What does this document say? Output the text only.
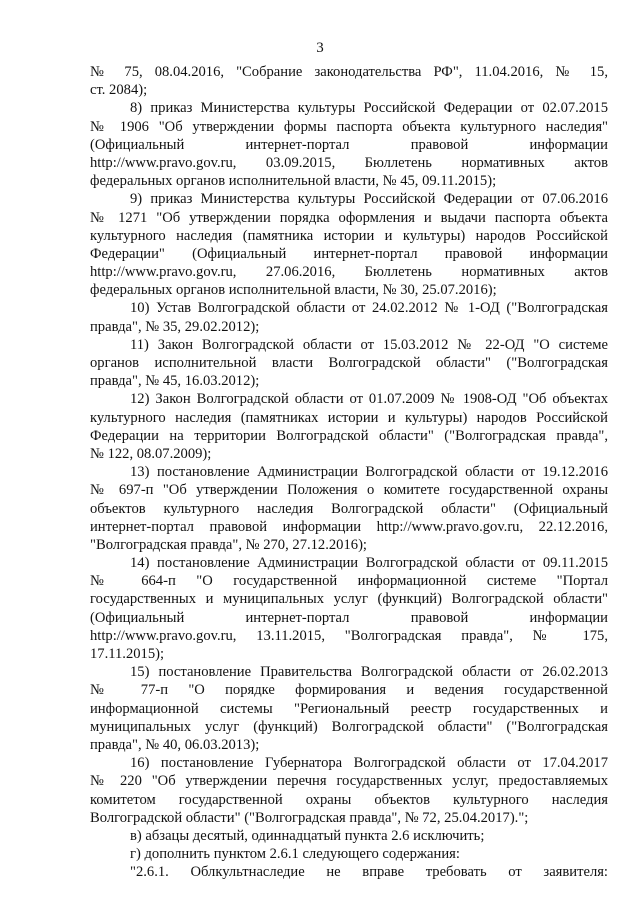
3
№ 75, 08.04.2016, "Собрание законодательства РФ", 11.04.2016, № 15,
ст. 2084);
8) приказ Министерства культуры Российской Федерации от 02.07.2015
№ 1906 "Об утверждении формы паспорта объекта культурного наследия"
(Официальный интернет-портал правовой информации
http://www.pravo.gov.ru, 03.09.2015, Бюллетень нормативных актов
федеральных органов исполнительной власти, № 45, 09.11.2015);
9) приказ Министерства культуры Российской Федерации от 07.06.2016
№ 1271 "Об утверждении порядка оформления и выдачи паспорта объекта
культурного наследия (памятника истории и культуры) народов Российской
Федерации" (Официальный интернет-портал правовой информации
http://www.pravo.gov.ru, 27.06.2016, Бюллетень нормативных актов
федеральных органов исполнительной власти, № 30, 25.07.2016);
10) Устав Волгоградской области от 24.02.2012 № 1-ОД ("Волгоградская
правда", № 35, 29.02.2012);
11) Закон Волгоградской области от 15.03.2012 № 22-ОД "О системе
органов исполнительной власти Волгоградской области" ("Волгоградская
правда", № 45, 16.03.2012);
12) Закон Волгоградской области от 01.07.2009 № 1908-ОД "Об объектах
культурного наследия (памятниках истории и культуры) народов Российской
Федерации на территории Волгоградской области" ("Волгоградская правда",
№ 122, 08.07.2009);
13) постановление Администрации Волгоградской области от 19.12.2016
№ 697-п "Об утверждении Положения о комитете государственной охраны
объектов культурного наследия Волгоградской области" (Официальный
интернет-портал правовой информации http://www.pravo.gov.ru, 22.12.2016,
"Волгоградская правда", № 270, 27.12.2016);
14) постановление Администрации Волгоградской области от 09.11.2015
№ 664-п "О государственной информационной системе "Портал
государственных и муниципальных услуг (функций) Волгоградской области"
(Официальный интернет-портал правовой информации
http://www.pravo.gov.ru, 13.11.2015, "Волгоградская правда", № 175,
17.11.2015);
15) постановление Правительства Волгоградской области от 26.02.2013
№ 77-п "О порядке формирования и ведения государственной
информационной системы "Региональный реестр государственных и
муниципальных услуг (функций) Волгоградской области" ("Волгоградская
правда", № 40, 06.03.2013);
16) постановление Губернатора Волгоградской области от 17.04.2017
№ 220 "Об утверждении перечня государственных услуг, предоставляемых
комитетом государственной охраны объектов культурного наследия
Волгоградской области" ("Волгоградская правда", № 72, 25.04.2017).";
в) абзацы десятый, одиннадцатый пункта 2.6 исключить;
г) дополнить пунктом 2.6.1 следующего содержания:
"2.6.1. Облкультнаследие не вправе требовать от заявителя:
